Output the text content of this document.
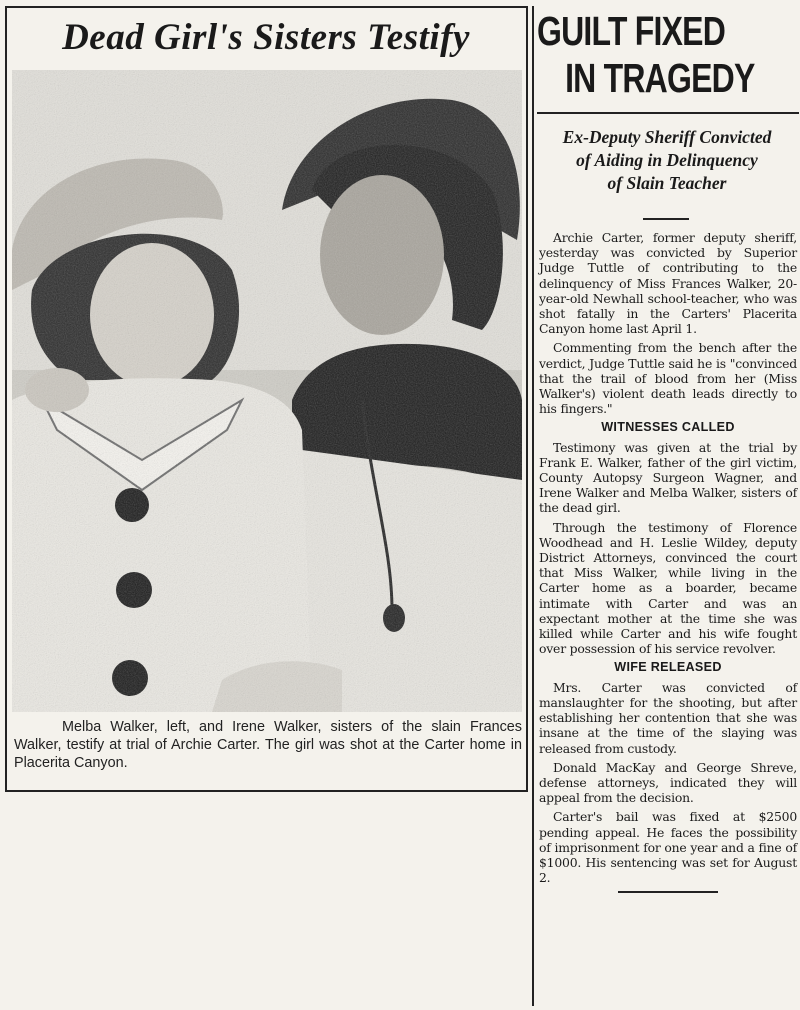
Dead Girl's Sisters Testify
Melba Walker, left, and Irene Walker, sisters of the slain Frances Walker, testify at trial of Archie Carter. The girl was shot at the Carter home in Placerita Canyon.
GUILT FIXED
IN TRAGEDY
Ex-Deputy Sheriff Convicted
of Aiding in Delinquency
of Slain Teacher

Archie Carter, former deputy sheriff, yesterday was convicted by Superior Judge Tuttle of contributing to the delinquency of Miss Frances Walker, 20-year-old Newhall school-teacher, who was shot fatally in the Carters' Placerita Canyon home last April 1.

Commenting from the bench after the verdict, Judge Tuttle said he is "convinced that the trail of blood from her (Miss Walker's) violent death leads directly to his fingers."

WITNESSES CALLED

Testimony was given at the trial by Frank E. Walker, father of the girl victim, County Autopsy Surgeon Wagner, and Irene Walker and Melba Walker, sisters of the dead girl.

Through the testimony of Florence Woodhead and H. Leslie Wildey, deputy District Attorneys, convinced the court that Miss Walker, while living in the Carter home as a boarder, became intimate with Carter and was an expectant mother at the time she was killed while Carter and his wife fought over possession of his service revolver.

WIFE RELEASED

Mrs. Carter was convicted of manslaughter for the shooting, but after establishing her contention that she was insane at the time of the slaying was released from custody.

Donald MacKay and George Shreve, defense attorneys, indicated they will appeal from the decision.

Carter's bail was fixed at $2500 pending appeal. He faces the possibility of imprisonment for one year and a fine of $1000. His sentencing was set for August 2.
